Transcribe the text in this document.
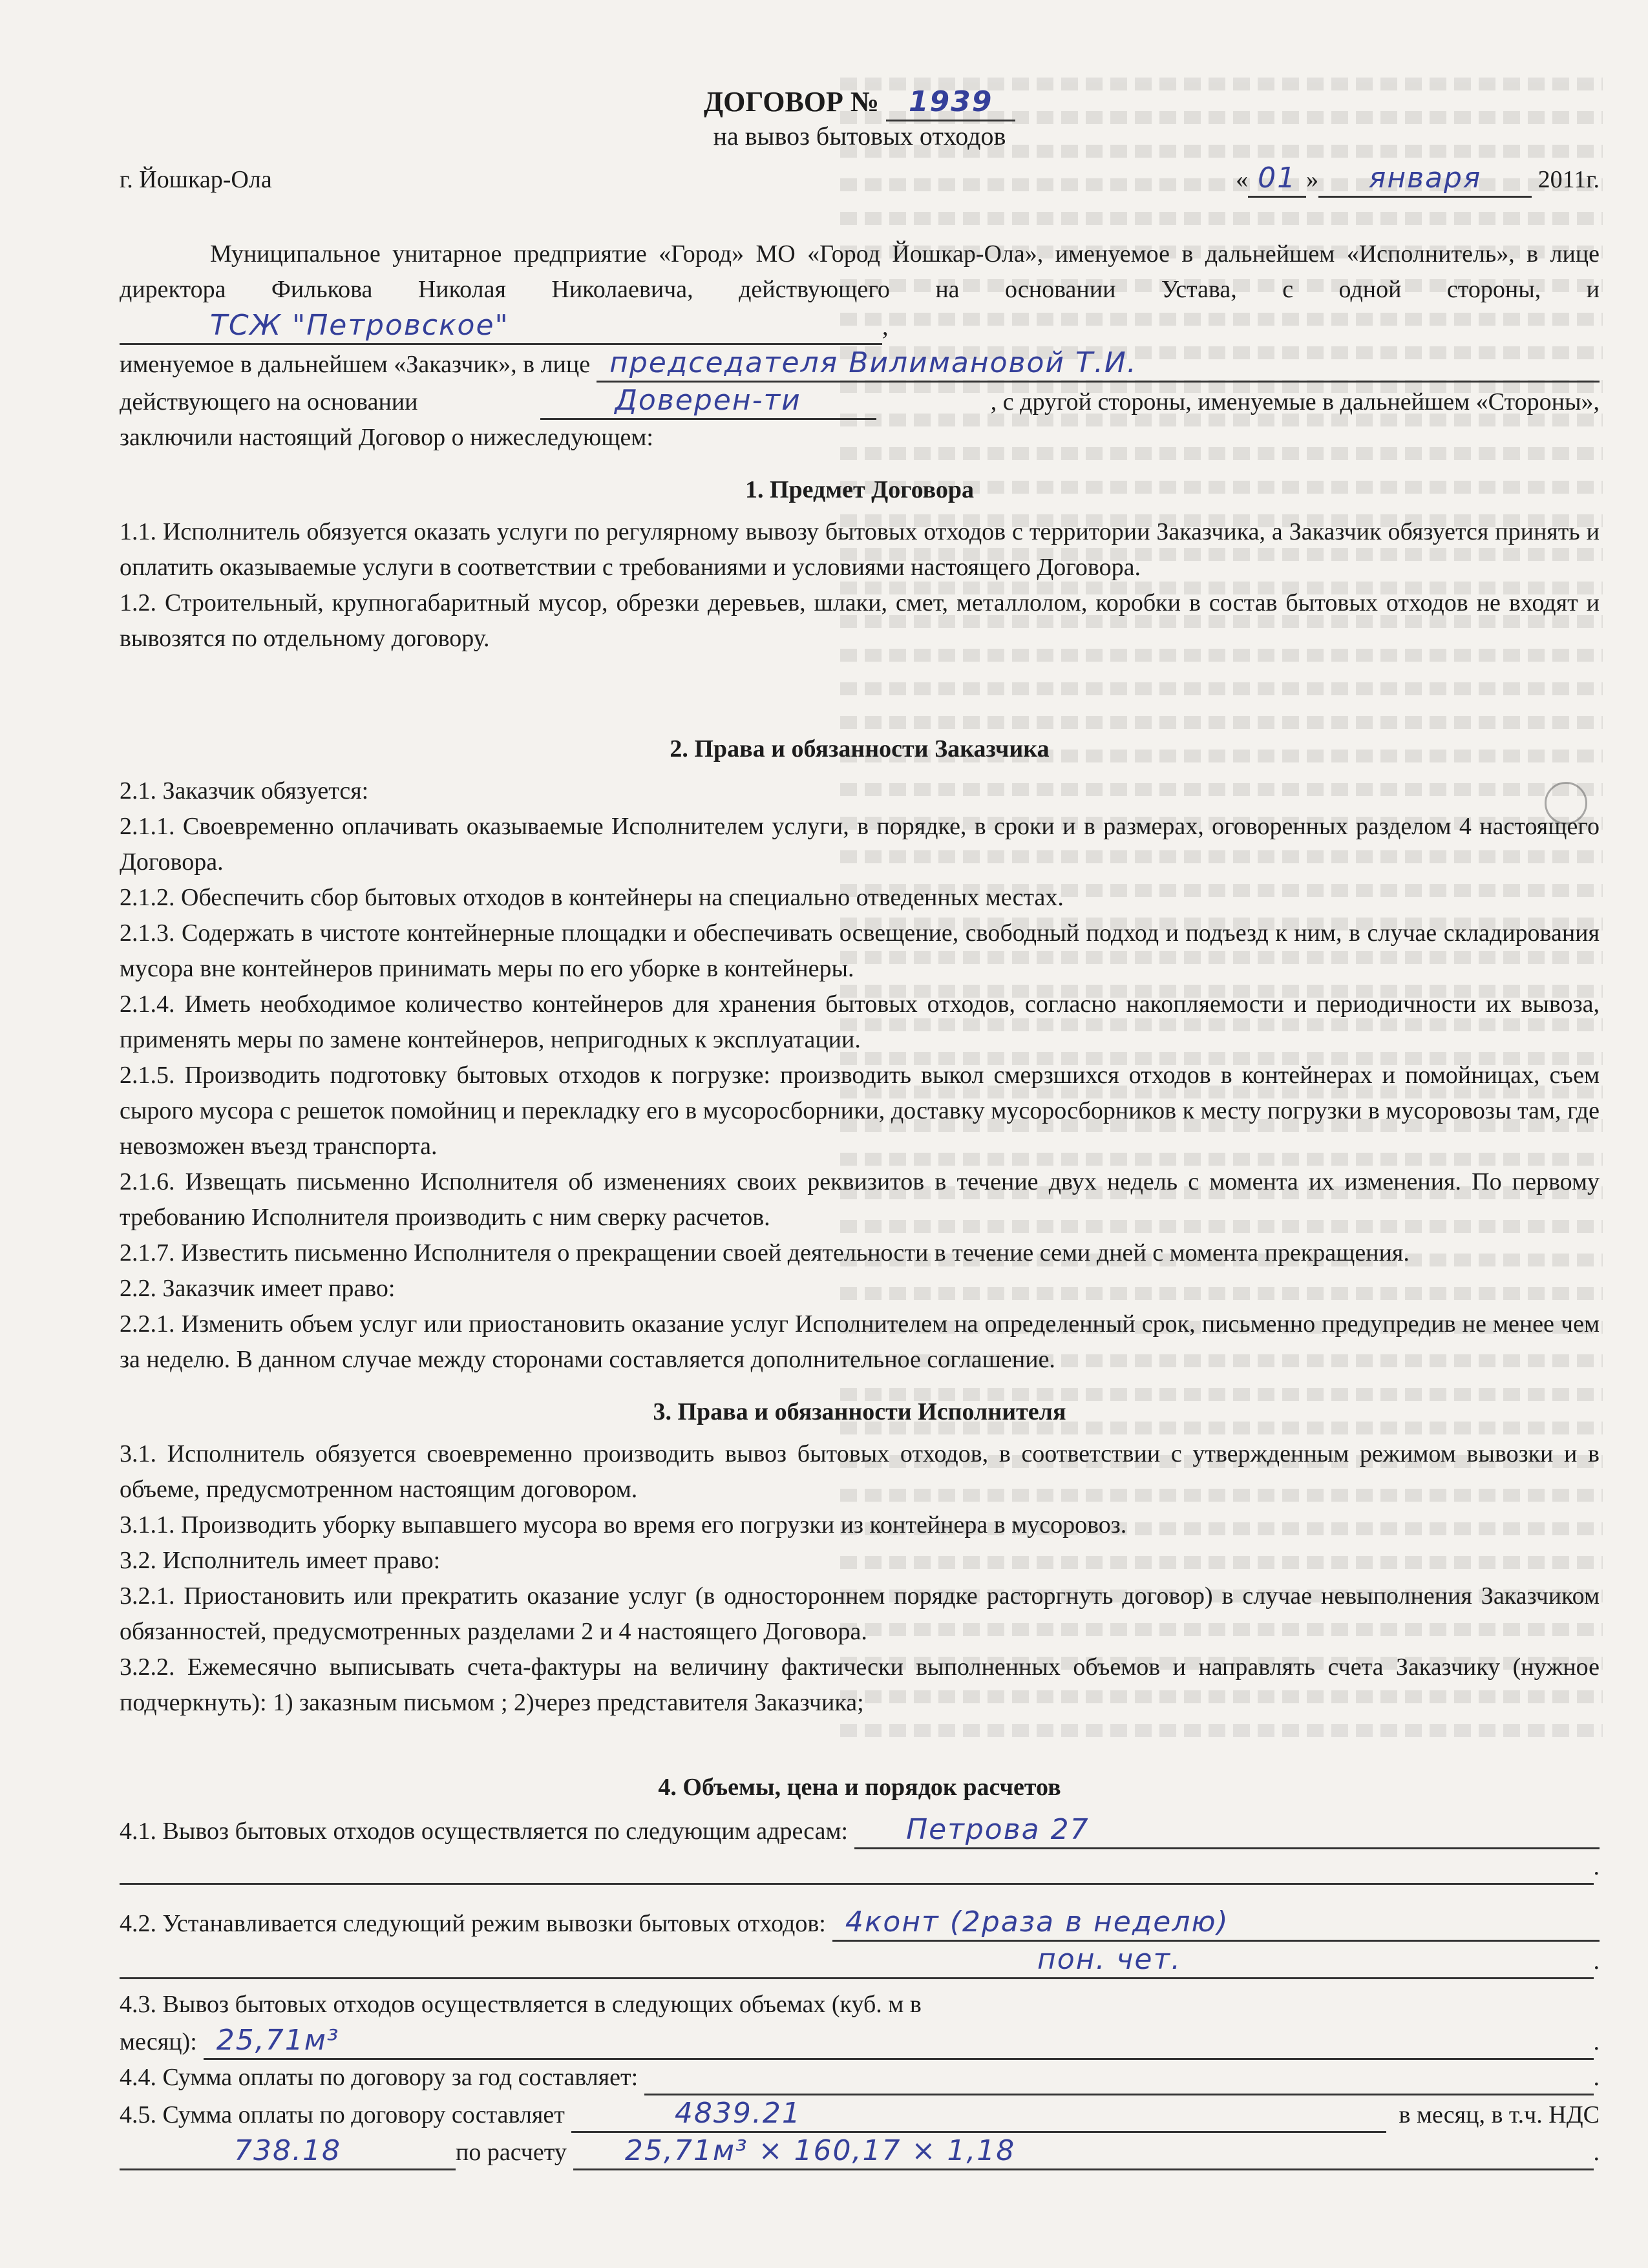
ДОГОВОР № 1939
на вывоз бытовых отходов
г. Йошкар-Ола	« 01 » января 2011г.

Муниципальное унитарное предприятие «Город» МО «Город Йошкар-Ола», именуемое в дальнейшем «Исполнитель», в лице директора Филькова Николая Николаевича, действующего на основании Устава, с одной стороны, и ТСЖ "Петровское"	,

именуемое в дальнейшем «Заказчик», в лице председателя Вилимановой Т.И.
действующего на основании	Доверен-ти	, с другой стороны, именуемые в дальнейшем «Стороны»,

заключили настоящий Договор о нижеследующем:

1. Предмет Договора

1.1. Исполнитель обязуется оказать услуги по регулярному вывозу бытовых отходов с территории Заказчика, а Заказчик обязуется принять и оплатить оказываемые услуги в соответствии с требованиями и условиями настоящего Договора.

1.2. Строительный, крупногабаритный мусор, обрезки деревьев, шлаки, смет, металлолом, коробки в состав бытовых отходов не входят и вывозятся по отдельному договору.

2. Права и обязанности Заказчика

2.1. Заказчик обязуется:

2.1.1. Своевременно оплачивать оказываемые Исполнителем услуги, в порядке, в сроки и в размерах, оговоренных разделом 4 настоящего Договора.

2.1.2. Обеспечить сбор бытовых отходов в контейнеры на специально отведенных местах.

2.1.3. Содержать в чистоте контейнерные площадки и обеспечивать освещение, свободный подход и подъезд к ним, в случае складирования мусора вне контейнеров принимать меры по его уборке в контейнеры.

2.1.4. Иметь необходимое количество контейнеров для хранения бытовых отходов, согласно накопляемости и периодичности их вывоза, применять меры по замене контейнеров, непригодных к эксплуатации.

2.1.5. Производить подготовку бытовых отходов к погрузке: производить выкол смерзшихся отходов в контейнерах и помойницах, съем сырого мусора с решеток помойниц и перекладку его в мусоросборники, доставку мусоросборников к месту погрузки в мусоровозы там, где невозможен въезд транспорта.

2.1.6. Извещать письменно Исполнителя об изменениях своих реквизитов в течение двух недель с момента их изменения. По первому требованию Исполнителя производить с ним сверку расчетов.

2.1.7. Известить письменно Исполнителя о прекращении своей деятельности в течение семи дней с момента прекращения.

2.2. Заказчик имеет право:

2.2.1. Изменить объем услуг или приостановить оказание услуг Исполнителем на определенный срок, письменно предупредив не менее чем за неделю. В данном случае между сторонами составляется дополнительное соглашение.

3. Права и обязанности Исполнителя

3.1. Исполнитель обязуется своевременно производить вывоз бытовых отходов, в соответствии с утвержденным режимом вывозки и в объеме, предусмотренном настоящим договором.

3.1.1. Производить уборку выпавшего мусора во время его погрузки из контейнера в мусоровоз.

3.2. Исполнитель имеет право:

3.2.1. Приостановить или прекратить оказание услуг (в одностороннем порядке расторгнуть договор) в случае невыполнения Заказчиком обязанностей, предусмотренных разделами 2 и 4 настоящего Договора.

3.2.2. Ежемесячно выписывать счета-фактуры на величину фактически выполненных объемов и направлять счета Заказчику (нужное подчеркнуть): 1) заказным письмом ; 2)через представителя Заказчика;

4. Объемы, цена и порядок расчетов
4.1. Вывоз бытовых отходов осуществляется по следующим адресам:	Петрова 27
.
4.2. Устанавливается следующий режим вывозки бытовых отходов: 4конт (2раза в неделю)
пон. чет.	.

4.3. Вывоз бытовых отходов осуществляется в следующих объемах (куб. м в

месяц): 25,71м³	.
4.4. Сумма оплаты по договору за год составляет:	.
4.5. Сумма оплаты по договору составляет	4839.21	в месяц, в т.ч. НДС
738.18	по расчету	25,71м³ × 160,17 × 1,18	.
